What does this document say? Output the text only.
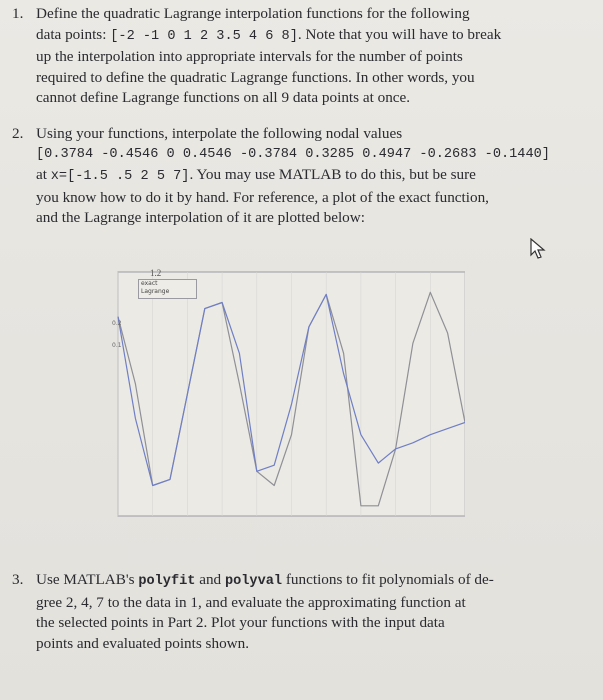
1. Define the quadratic Lagrange interpolation functions for the following
data points: [-2 -1 0 1 2 3.5 4 6 8]. Note that you will have to break
up the interpolation into appropriate intervals for the number of points
required to define the quadratic Lagrange functions. In other words, you
cannot define Lagrange functions on all 9 data points at once.
2. Using your functions, interpolate the following nodal values
[0.3784 -0.4546 0 0.4546 -0.3784 0.3285 0.4947 -0.2683 -0.1440]
at x=[-1.5 .5 2 5 7]. You may use MATLAB to do this, but be sure
you know how to do it by hand. For reference, a plot of the exact function,
and the Lagrange interpolation of it are plotted below:
1.2
exact
Lagrange
0.2
0.1
3. Use MATLAB's polyfit and polyval functions to fit polynomials of de-
gree 2, 4, 7 to the data in 1, and evaluate the approximating function at
the selected points in Part 2. Plot your functions with the input data
points and evaluated points shown.
